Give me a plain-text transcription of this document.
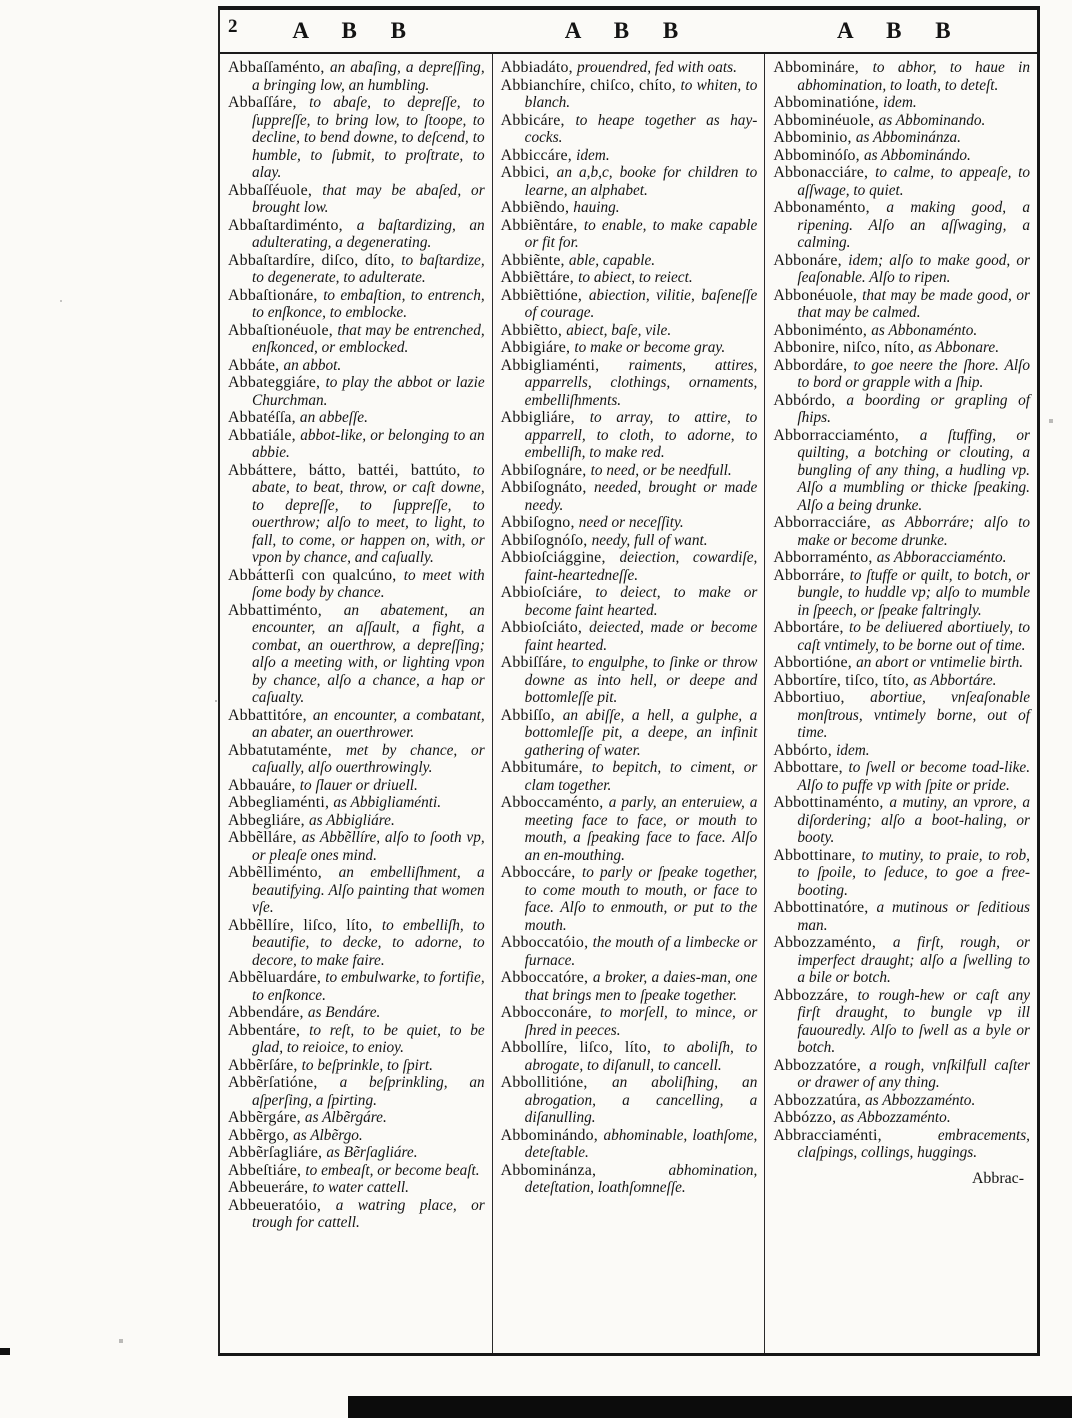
2	A B B	A B B	A B B
Abbaſſaménto, an abaſing, a depreſſing, a bringing low, an humbling.
Abbaſſáre, to abaſe, to depreſſe, to ſuppreſſe, to bring low, to ſtoope, to decline, to bend downe, to deſcend, to humble, to ſubmit, to proſtrate, to alay.
Abbaſſéuole, that may be abaſed, or brought low.
Abbaſtardiménto, a baſtardizing, an adulterating, a degenerating.
Abbaſtardíre, diſco, díto, to baſtardize, to degenerate, to adulterate.
Abbaſtionáre, to embaſtion, to entrench, to enſkonce, to emblocke.
Abbaſtionéuole, that may be entrenched, enſkonced, or emblocked.
Abbáte, an abbot.
Abbateggiáre, to play the abbot or lazie Churchman.
Abbatéſſa, an abbeſſe.
Abbatiále, abbot-like, or belonging to an abbie.
Abbáttere, bátto, battéi, battúto, to abate, to beat, throw, or caſt downe, to depreſſe, to ſuppreſſe, to ouerthrow; alſo to meet, to light, to fall, to come, or happen on, with, or vpon by chance, and caſually.
Abbátterſi con qualcúno, to meet with ſome body by chance.
Abbattiménto, an abatement, an encounter, an aſſault, a fight, a combat, an ouerthrow, a depreſſing; alſo a meeting with, or lighting vpon by chance, alſo a chance, a hap or caſualty.
Abbattitóre, an encounter, a combatant, an abater, an ouerthrower.
Abbatutaménte, met by chance, or caſually, alſo ouerthrowingly.
Abbauáre, to ſlauer or driuell.
Abbegliaménti, as Abbigliaménti.
Abbegliáre, as Abbigliáre.
Abbẽlláre, as Abbẽllíre, alſo to ſooth vp, or pleaſe ones mind.
Abbẽlliménto, an embelliſhment, a beautifying. Alſo painting that women vſe.
Abbẽllíre, liſco, líto, to embelliſh, to beautifie, to decke, to adorne, to decore, to make faire.
Abbẽluardáre, to embulwarke, to fortifie, to enſkonce.
Abbendáre, as Bendáre.
Abbentáre, to reſt, to be quiet, to be glad, to reioice, to enioy.
Abbẽrſáre, to beſprinkle, to ſpirt.
Abbẽrſatióne, a beſprinkling, an aſperſing, a ſpirting.
Abbẽrgáre, as Albẽrgáre.
Abbẽrgo, as Albẽrgo.
Abbẽrſagliáre, as Bẽrſagliáre.
Abbeſtiáre, to embeaſt, or become beaſt.
Abbeueráre, to water cattell.
Abbeueratóio, a watring place, or trough for cattell.
Abbiadáto, prouendred, fed with oats.
Abbianchíre, chiſco, chíto, to whiten, to blanch.
Abbicáre, to heape together as hay-cocks.
Abbiccáre, idem.
Abbici, an a,b,c, booke for children to learne, an alphabet.
Abbiẽndo, hauing.
Abbiẽntáre, to enable, to make capable or fit for.
Abbiẽnte, able, capable.
Abbiẽttáre, to abiect, to reiect.
Abbiẽttióne, abiection, vilitie, baſeneſſe of courage.
Abbiẽtto, abiect, baſe, vile.
Abbigiáre, to make or become gray.
Abbigliaménti, raiments, attires, apparrells, clothings, ornaments, embelliſhments.
Abbigliáre, to array, to attire, to apparrell, to cloth, to adorne, to embelliſh, to make red.
Abbiſognáre, to need, or be needfull.
Abbiſognáto, needed, brought or made needy.
Abbiſogno, need or neceſſity.
Abbiſognóſo, needy, full of want.
Abbioſciággine, deiection, cowardiſe, faint-heartedneſſe.
Abbioſciáre, to deiect, to make or become faint hearted.
Abbioſciáto, deiected, made or become faint hearted.
Abbiſſáre, to engulphe, to ſinke or throw downe as into hell, or deepe and bottomleſſe pit.
Abbiſſo, an abiſſe, a hell, a gulphe, a bottomleſſe pit, a deepe, an infinit gathering of water.
Abbitumáre, to bepitch, to ciment, or clam together.
Abboccaménto, a parly, an enteruiew, a meeting face to face, or mouth to mouth, a ſpeaking face to face. Alſo an en-mouthing.
Abboccáre, to parly or ſpeake together, to come mouth to mouth, or face to face. Alſo to enmouth, or put to the mouth.
Abboccatóio, the mouth of a limbecke or furnace.
Abboccatóre, a broker, a daies-man, one that brings men to ſpeake together.
Abbocconáre, to morſell, to mince, or ſhred in peeces.
Abbollíre, liſco, líto, to aboliſh, to abrogate, to diſanull, to cancell.
Abbollitióne, an aboliſhing, an abrogation, a cancelling, a diſanulling.
Abbominándo, abhominable, loathſome, deteſtable.
Abbominánza, abhomination, deteſtation, loathſomneſſe.
Abbomináre, to abhor, to haue in abhomination, to loath, to deteſt.
Abbominatióne, idem.
Abbominéuole, as Abbominando.
Abbominio, as Abbominánza.
Abbominóſo, as Abbominándo.
Abbonacciáre, to calme, to appeaſe, to aſſwage, to quiet.
Abbonaménto, a making good, a ripening. Alſo an aſſwaging, a calming.
Abbonáre, idem; alſo to make good, or ſeaſonable. Alſo to ripen.
Abbonéuole, that may be made good, or that may be calmed.
Abboniménto, as Abbonaménto.
Abbonire, niſco, níto, as Abbonare.
Abbordáre, to goe neere the ſhore. Alſo to bord or grapple with a ſhip.
Abbórdo, a boording or grapling of ſhips.
Abborracciaménto, a ſtuffing, or quilting, a botching or clouting, a bungling of any thing, a hudling vp. Alſo a mumbling or thicke ſpeaking. Alſo a being drunke.
Abborracciáre, as Abborráre; alſo to make or become drunke.
Abborraménto, as Abboracciaménto.
Abborráre, to ſtuffe or quilt, to botch, or bungle, to huddle vp; alſo to mumble in ſpeech, or ſpeake faltringly.
Abbortáre, to be deliuered abortiuely, to caſt vntimely, to be borne out of time.
Abbortióne, an abort or vntimelie birth.
Abbortíre, tiſco, títo, as Abbortáre.
Abbortiuo, abortiue, vnſeaſonable monſtrous, vntimely borne, out of time.
Abbórto, idem.
Abbottare, to ſwell or become toad-like. Alſo to puffe vp with ſpite or pride.
Abbottinaménto, a mutiny, an vprore, a diſordering; alſo a boot-haling, or booty.
Abbottinare, to mutiny, to praie, to rob, to ſpoile, to ſeduce, to goe a free-booting.
Abbottinatóre, a mutinous or ſeditious man.
Abbozzaménto, a firſt, rough, or imperfect draught; alſo a ſwelling to a bile or botch.
Abbozzáre, to rough-hew or caſt any firſt draught, to bungle vp ill fauouredly. Alſo to ſwell as a byle or botch.
Abbozzatóre, a rough, vnſkilfull caſter or drawer of any thing.
Abbozzatúra, as Abbozzaménto.
Abbózzo, as Abbozzaménto.
Abbracciaménti, embracements, claſpings, collings, huggings.
Abbrac-
